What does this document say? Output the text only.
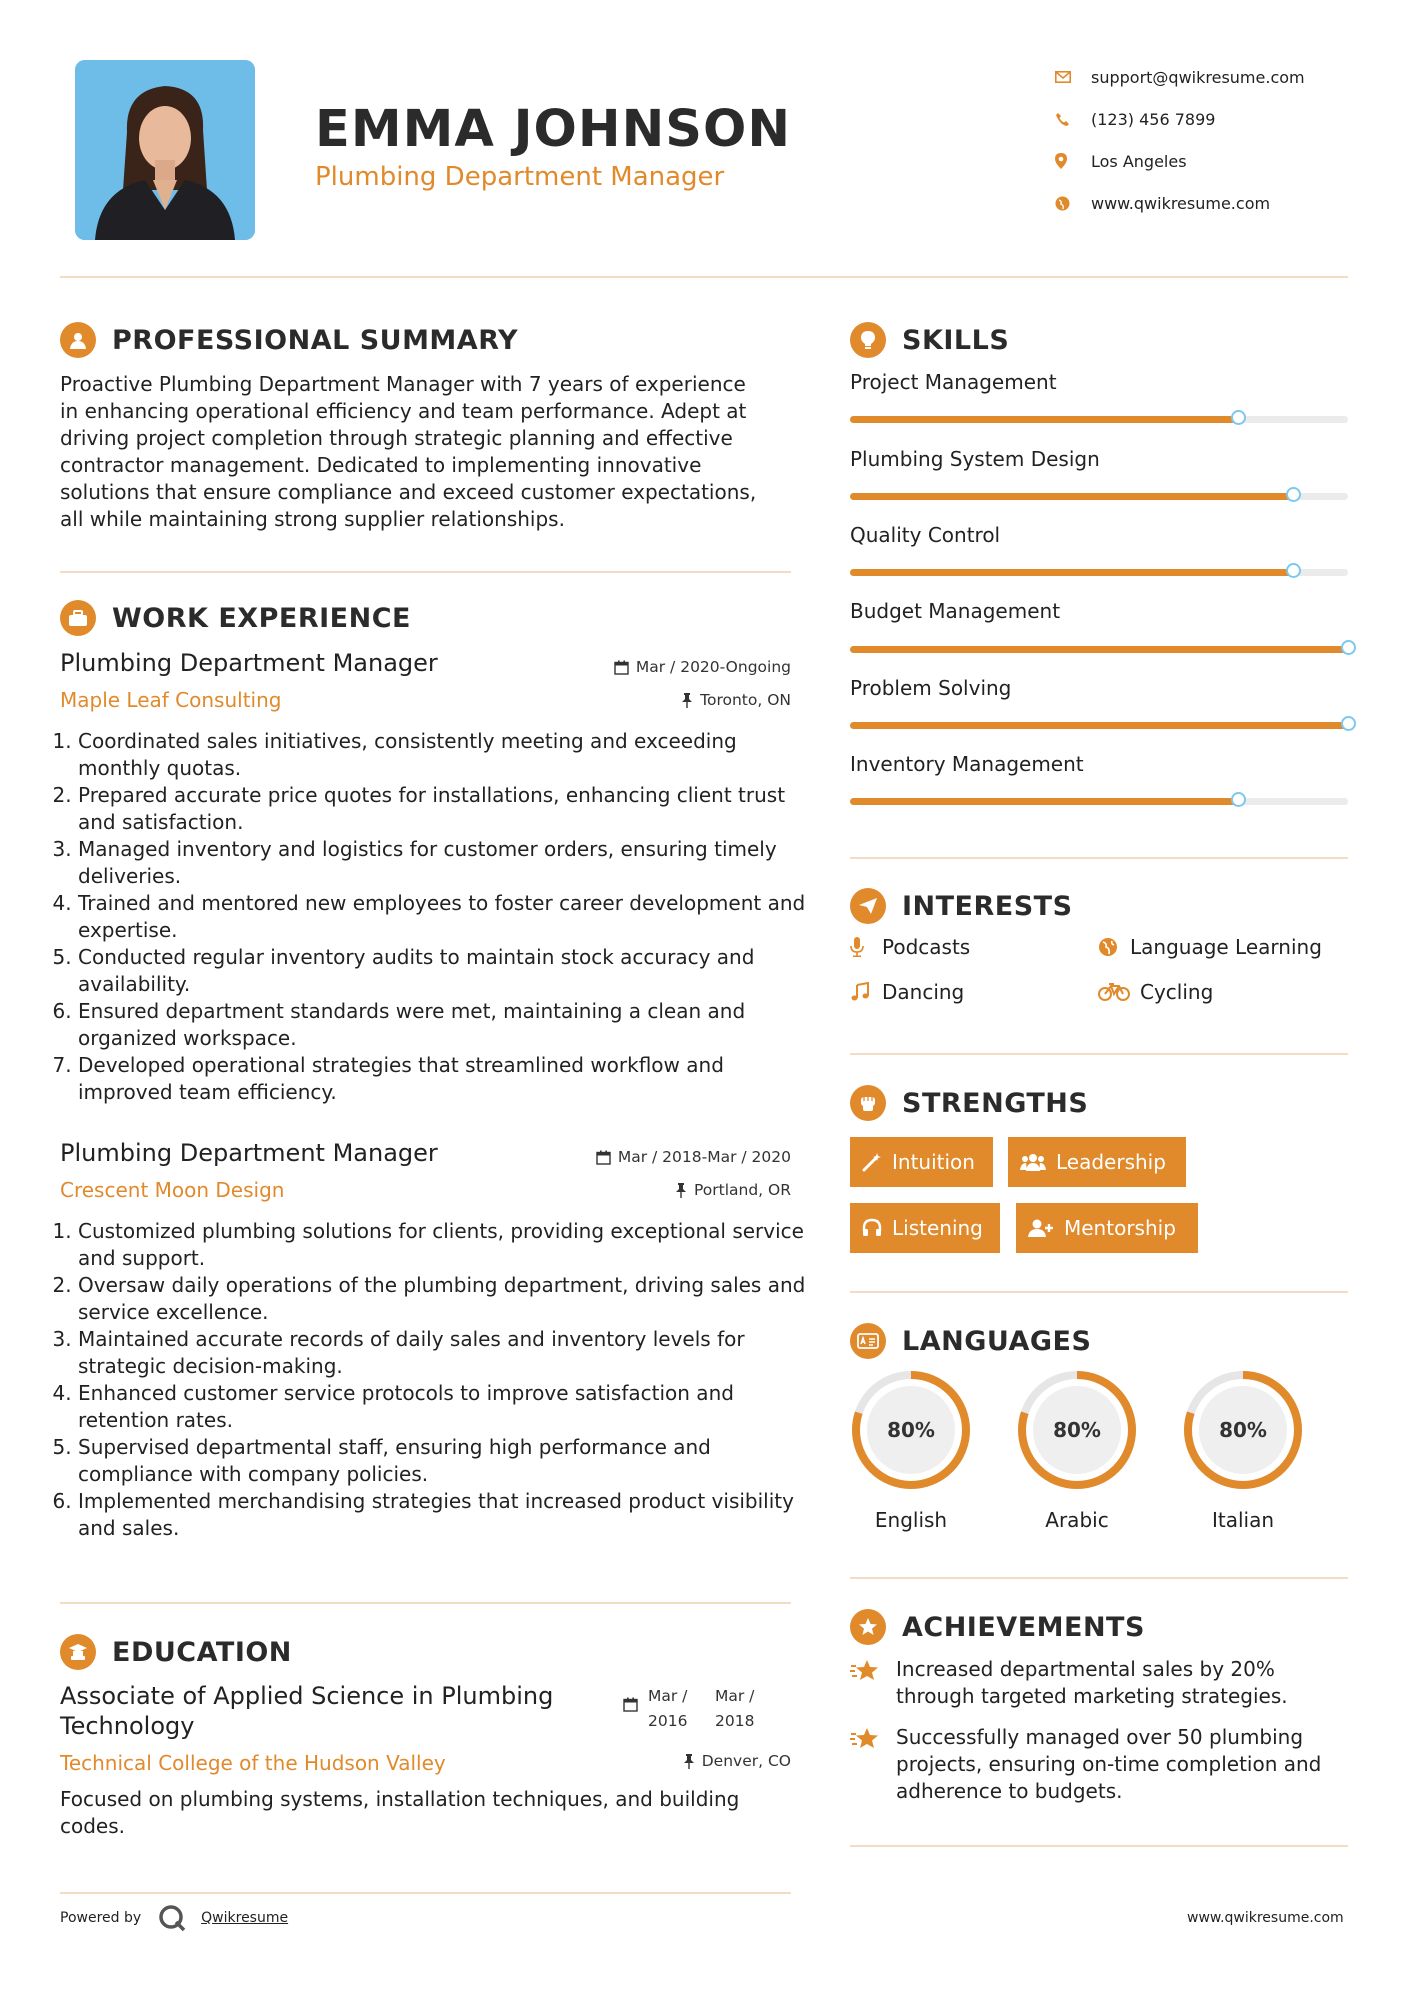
EMMA JOHNSON
Plumbing Department Manager
support@qwikresume.com
(123) 456 7899
Los Angeles
www.qwikresume.com
PROFESSIONAL SUMMARY
Proactive Plumbing Department Manager with 7 years of experience
in enhancing operational efficiency and team performance. Adept at
driving project completion through strategic planning and effective
contractor management. Dedicated to implementing innovative
solutions that ensure compliance and exceed customer expectations,
all while maintaining strong supplier relationships.
WORK EXPERIENCE
Plumbing Department Manager
Maple Leaf Consulting
Mar / 2020-Ongoing
Toronto, ON
1. Coordinated sales initiatives, consistently meeting and exceeding monthly quotas.
2. Prepared accurate price quotes for installations, enhancing client trust and satisfaction.
3. Managed inventory and logistics for customer orders, ensuring timely deliveries.
4. Trained and mentored new employees to foster career development and expertise.
5. Conducted regular inventory audits to maintain stock accuracy and availability.
6. Ensured department standards were met, maintaining a clean and organized workspace.
7. Developed operational strategies that streamlined workflow and improved team efficiency.
Plumbing Department Manager
Crescent Moon Design
Mar / 2018-Mar / 2020
Portland, OR
1. Customized plumbing solutions for clients, providing exceptional service and support.
2. Oversaw daily operations of the plumbing department, driving sales and service excellence.
3. Maintained accurate records of daily sales and inventory levels for strategic decision-making.
4. Enhanced customer service protocols to improve satisfaction and retention rates.
5. Supervised departmental staff, ensuring high performance and compliance with company policies.
6. Implemented merchandising strategies that increased product visibility and sales.
EDUCATION
Associate of Applied Science in Plumbing
Technology
Mar /
2016
Mar /
2018
Technical College of the Hudson Valley	Denver, CO
Focused on plumbing systems, installation techniques, and building codes.
Powered by	Qwikresume	www.qwikresume.com
SKILLS
Project Management
Plumbing System Design
Quality Control
Budget Management
Problem Solving
Inventory Management
INTERESTS
Podcasts	Language Learning
Dancing	Cycling
STRENGTHS
Intuition	Leadership
Listening	Mentorship
LANGUAGES
80%
English
80%
Arabic
80%
Italian
ACHIEVEMENTS
Increased departmental sales by 20%
through targeted marketing strategies.
Successfully managed over 50 plumbing
projects, ensuring on-time completion and
adherence to budgets.
